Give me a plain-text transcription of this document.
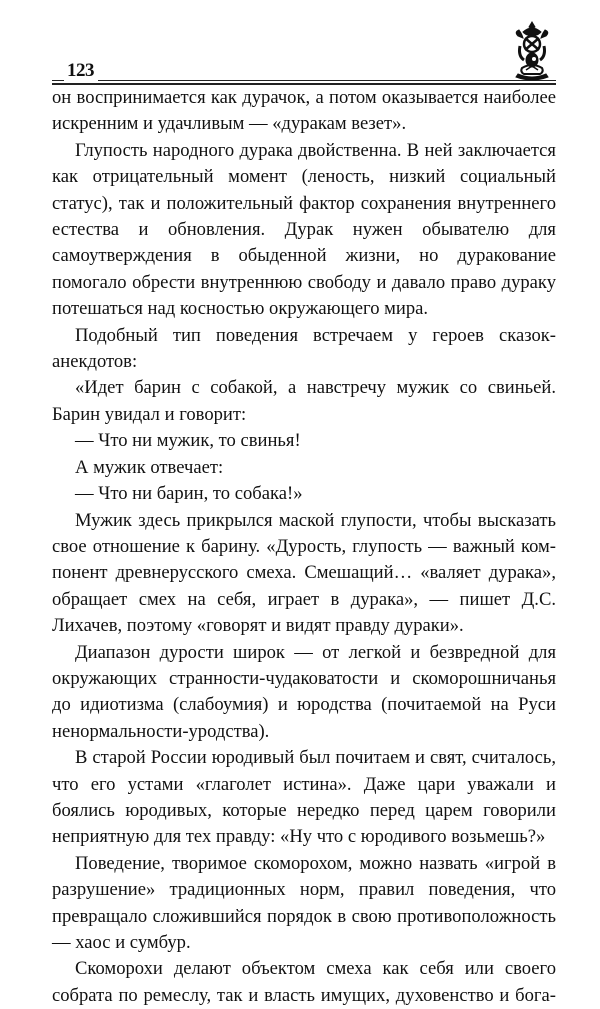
123

он воспринимается как дурачок, а потом оказывается наиболее искренним и удачливым — «дуракам везет».

Глупость народного дурака двойственна. В ней заключается как отрицательный момент (леность, низкий социальный статус), так и положительный фактор сохранения внутреннего естества и обновления. Дурак нужен обывателю для самоутверждения в обыденной жизни, но дуракование помогало обрести внутреннюю свободу и давало право дураку потешаться над косностью окружающего мира.

Подобный тип поведения встречаем у героев сказок-анекдотов:

«Идет барин с собакой, а навстречу мужик со свиньей. Барин увидал и говорит:

— Что ни мужик, то свинья!

А мужик отвечает:

— Что ни барин, то собака!»

Мужик здесь прикрылся маской глупости, чтобы высказать свое отношение к барину. «Дурость, глупость — важный компонент древнерусского смеха. Смешащий… «валяет дурака», обращает смех на себя, играет в дурака», — пишет Д.С. Лихачев, поэтому «говорят и видят правду дураки».

Диапазон дурости широк — от легкой и безвредной для окружающих странности-чудаковатости и скоморошничанья до идиотизма (слабоумия) и юродства (почитаемой на Руси ненормальности-уродства).

В старой России юродивый был почитаем и свят, считалось, что его устами «глаголет истина». Даже цари уважали и боялись юродивых, которые нередко перед царем говорили неприятную для тех правду: «Ну что с юродивого возьмешь?»

Поведение, творимое скоморохом, можно назвать «игрой в разрушение» традиционных норм, правил поведения, что превращало сложившийся порядок в свою противоположность — хаос и сумбур.

Скоморохи делают объектом смеха как себя или своего собрата по ремеслу, так и власть имущих, духовенство и бога-
